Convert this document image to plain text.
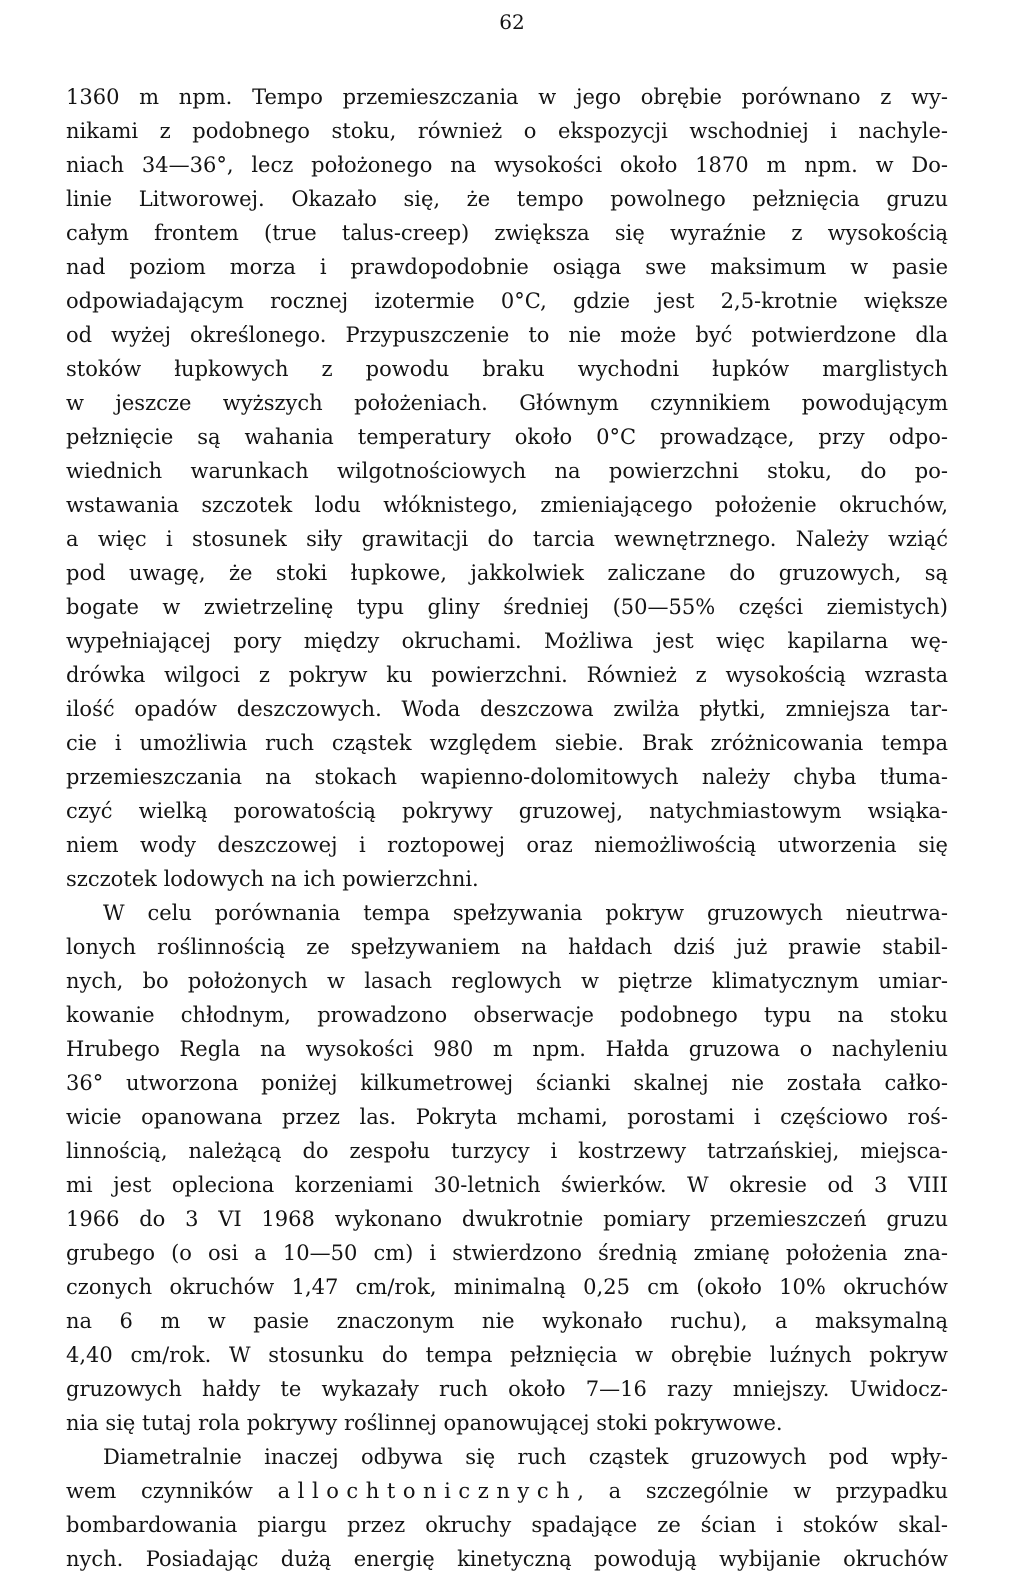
62
1360 m npm. Tempo przemieszczania w jego obrębie porównano z wy-
nikami z podobnego stoku, również o ekspozycji wschodniej i nachyle-
niach 34—36°, lecz położonego na wysokości około 1870 m npm. w Do-
linie Litworowej. Okazało się, że tempo powolnego pełznięcia gruzu
całym frontem (true talus-creep) zwiększa się wyraźnie z wysokością
nad poziom morza i prawdopodobnie osiąga swe maksimum w pasie
odpowiadającym rocznej izotermie 0°C, gdzie jest 2,5-krotnie większe
od wyżej określonego. Przypuszczenie to nie może być potwierdzone dla
stoków łupkowych z powodu braku wychodni łupków marglistych
w jeszcze wyższych położeniach. Głównym czynnikiem powodującym
pełznięcie są wahania temperatury około 0°C prowadzące, przy odpo-
wiednich warunkach wilgotnościowych na powierzchni stoku, do po-
wstawania szczotek lodu włóknistego, zmieniającego położenie okruchów,
a więc i stosunek siły grawitacji do tarcia wewnętrznego. Należy wziąć
pod uwagę, że stoki łupkowe, jakkolwiek zaliczane do gruzowych, są
bogate w zwietrzelinę typu gliny średniej (50—55% części ziemistych)
wypełniającej pory między okruchami. Możliwa jest więc kapilarna wę-
drówka wilgoci z pokryw ku powierzchni. Również z wysokością wzrasta
ilość opadów deszczowych. Woda deszczowa zwilża płytki, zmniejsza tar-
cie i umożliwia ruch cząstek względem siebie. Brak zróżnicowania tempa
przemieszczania na stokach wapienno-dolomitowych należy chyba tłuma-
czyć wielką porowatością pokrywy gruzowej, natychmiastowym wsiąka-
niem wody deszczowej i roztopowej oraz niemożliwością utworzenia się
szczotek lodowych na ich powierzchni.
W celu porównania tempa spełzywania pokryw gruzowych nieutrwa-
lonych roślinnością ze spełzywaniem na hałdach dziś już prawie stabil-
nych, bo położonych w lasach reglowych w piętrze klimatycznym umiar-
kowanie chłodnym, prowadzono obserwacje podobnego typu na stoku
Hrubego Regla na wysokości 980 m npm. Hałda gruzowa o nachyleniu
36° utworzona poniżej kilkumetrowej ścianki skalnej nie została całko-
wicie opanowana przez las. Pokryta mchami, porostami i częściowo roś-
linnością, należącą do zespołu turzycy i kostrzewy tatrzańskiej, miejsca-
mi jest opleciona korzeniami 30-letnich świerków. W okresie od 3 VIII
1966 do 3 VI 1968 wykonano dwukrotnie pomiary przemieszczeń gruzu
grubego (o osi a 10—50 cm) i stwierdzono średnią zmianę położenia zna-
czonych okruchów 1,47 cm/rok, minimalną 0,25 cm (około 10% okruchów
na 6 m w pasie znaczonym nie wykonało ruchu), a maksymalną
4,40 cm/rok. W stosunku do tempa pełznięcia w obrębie luźnych pokryw
gruzowych hałdy te wykazały ruch około 7—16 razy mniejszy. Uwidocz-
nia się tutaj rola pokrywy roślinnej opanowującej stoki pokrywowe.
Diametralnie inaczej odbywa się ruch cząstek gruzowych pod wpły-
wem czynników allochtonicznych, a szczególnie w przypadku
bombardowania piargu przez okruchy spadające ze ścian i stoków skal-
nych. Posiadając dużą energię kinetyczną powodują wybijanie okruchów
